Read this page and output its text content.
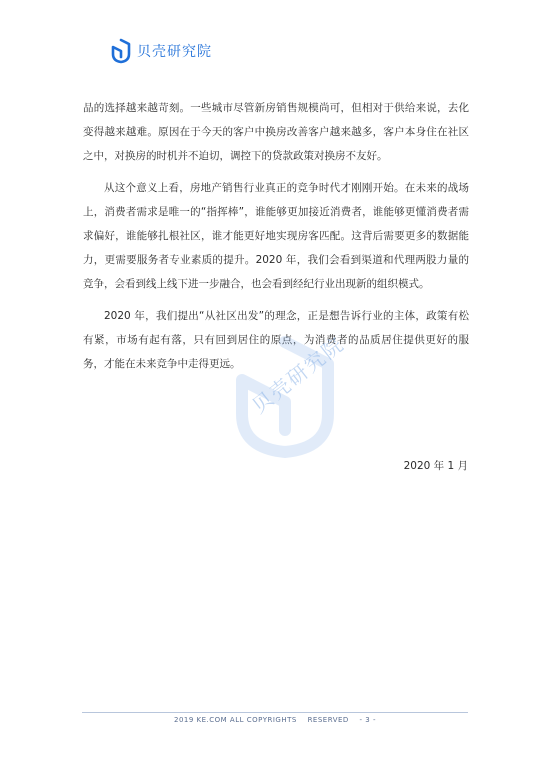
贝壳研究院

品的选择越来越苛刻。一些城市尽管新房销售规模尚可，但相对于供给来说，去化变得越来越难。原因在于今天的客户中换房改善客户越来越多，客户本身住在社区之中，对换房的时机并不迫切，调控下的贷款政策对换房不友好。

从这个意义上看，房地产销售行业真正的竞争时代才刚刚开始。在未来的战场上，消费者需求是唯一的“指挥棒”，谁能够更加接近消费者，谁能够更懂消费者需求偏好，谁能够扎根社区，谁才能更好地实现房客匹配。这背后需要更多的数据能力，更需要服务者专业素质的提升。2020 年，我们会看到渠道和代理两股力量的竞争，会看到线上线下进一步融合，也会看到经纪行业出现新的组织模式。

2020 年，我们提出“从社区出发”的理念，正是想告诉行业的主体，政策有松有紧，市场有起有落，只有回到居住的原点，为消费者的品质居住提供更好的服务，才能在未来竞争中走得更远。 贝壳研究院
2020 年 1 月
2019 KE.COM ALL COPYRIGHTS RESERVED - 3 -
